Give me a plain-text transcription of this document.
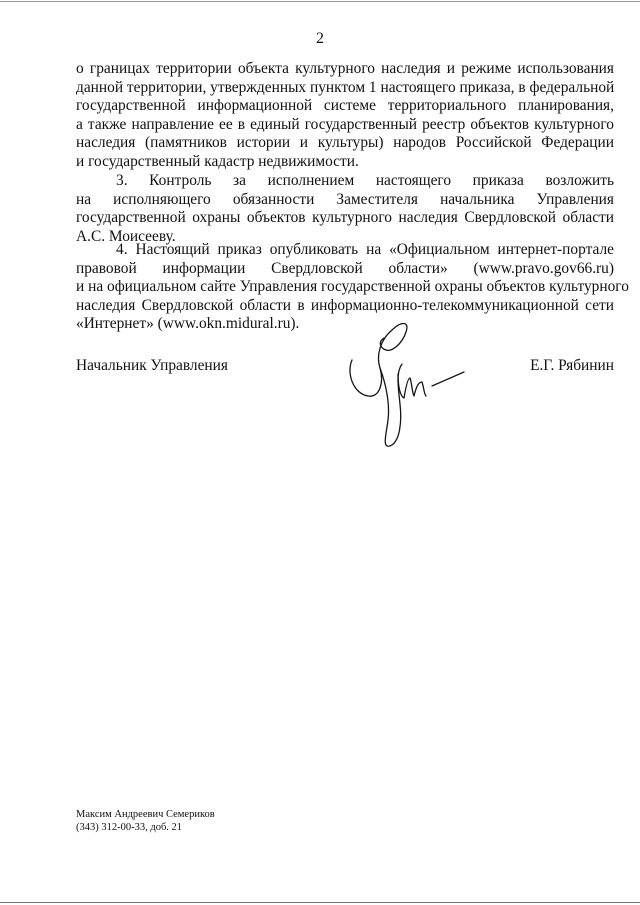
2

о границах территории объекта культурного наследия и режиме использования
данной территории, утвержденных пунктом 1 настоящего приказа, в федеральной
государственной информационной системе территориального планирования,
а также направление ее в единый государственный реестр объектов культурного
наследия (памятников истории и культуры) народов Российской Федерации
и государственный кадастр недвижимости.

3. Контроль за исполнением настоящего приказа возложить
на исполняющего обязанности Заместителя начальника Управления
государственной охраны объектов культурного наследия Свердловской области
А.С. Моисееву.

4. Настоящий приказ опубликовать на «Официальном интернет-портале
правовой информации Свердловской области» (www.pravo.gov66.ru)
и на официальном сайте Управления государственной охраны объектов культурного
наследия Свердловской области в информационно-телекоммуникационной сети
«Интернет» (www.okn.midural.ru).

Начальник Управления	Е.Г. Рябинин
Максим Андреевич Семериков
(343) 312-00-33, доб. 21
